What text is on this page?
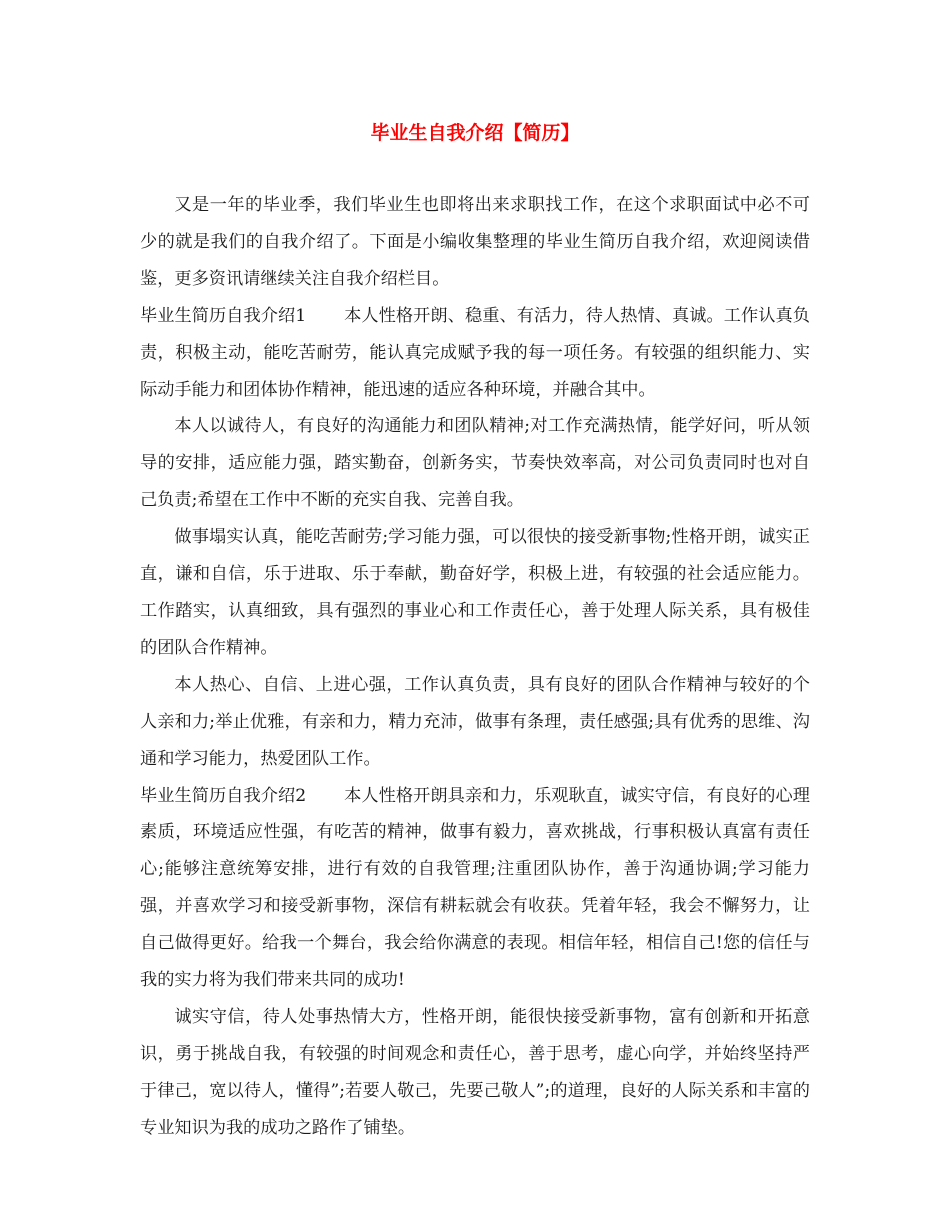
毕业生自我介绍【简历】

又是一年的毕业季，我们毕业生也即将出来求职找工作，在这个求职面试中必不可少的就是我们的自我介绍了。下面是小编收集整理的毕业生简历自我介绍，欢迎阅读借鉴，更多资讯请继续关注自我介绍栏目。

毕业生简历自我介绍1 本人性格开朗、稳重、有活力，待人热情、真诚。工作认真负责，积极主动，能吃苦耐劳，能认真完成赋予我的每一项任务。有较强的组织能力、实际动手能力和团体协作精神，能迅速的适应各种环境，并融合其中。

本人以诚待人，有良好的沟通能力和团队精神;对工作充满热情，能学好问，听从领导的安排，适应能力强，踏实勤奋，创新务实，节奏快效率高，对公司负责同时也对自己负责;希望在工作中不断的充实自我、完善自我。

做事塌实认真，能吃苦耐劳;学习能力强，可以很快的接受新事物;性格开朗，诚实正直，谦和自信，乐于进取、乐于奉献，勤奋好学，积极上进，有较强的社会适应能力。工作踏实，认真细致，具有强烈的事业心和工作责任心，善于处理人际关系，具有极佳的团队合作精神。

本人热心、自信、上进心强，工作认真负责，具有良好的团队合作精神与较好的个人亲和力;举止优雅，有亲和力，精力充沛，做事有条理，责任感强;具有优秀的思维、沟通和学习能力，热爱团队工作。

毕业生简历自我介绍2 本人性格开朗具亲和力，乐观耿直，诚实守信，有良好的心理素质，环境适应性强，有吃苦的精神，做事有毅力，喜欢挑战，行事积极认真富有责任心;能够注意统筹安排，进行有效的自我管理;注重团队协作，善于沟通协调;学习能力强，并喜欢学习和接受新事物，深信有耕耘就会有收获。凭着年轻，我会不懈努力，让自己做得更好。给我一个舞台，我会给你满意的表现。相信年轻，相信自己!您的信任与我的实力将为我们带来共同的成功!

诚实守信，待人处事热情大方，性格开朗，能很快接受新事物，富有创新和开拓意识，勇于挑战自我，有较强的时间观念和责任心，善于思考，虚心向学，并始终坚持严于律己，宽以待人，懂得”;若要人敬己，先要己敬人”;的道理，良好的人际关系和丰富的专业知识为我的成功之路作了铺垫。
